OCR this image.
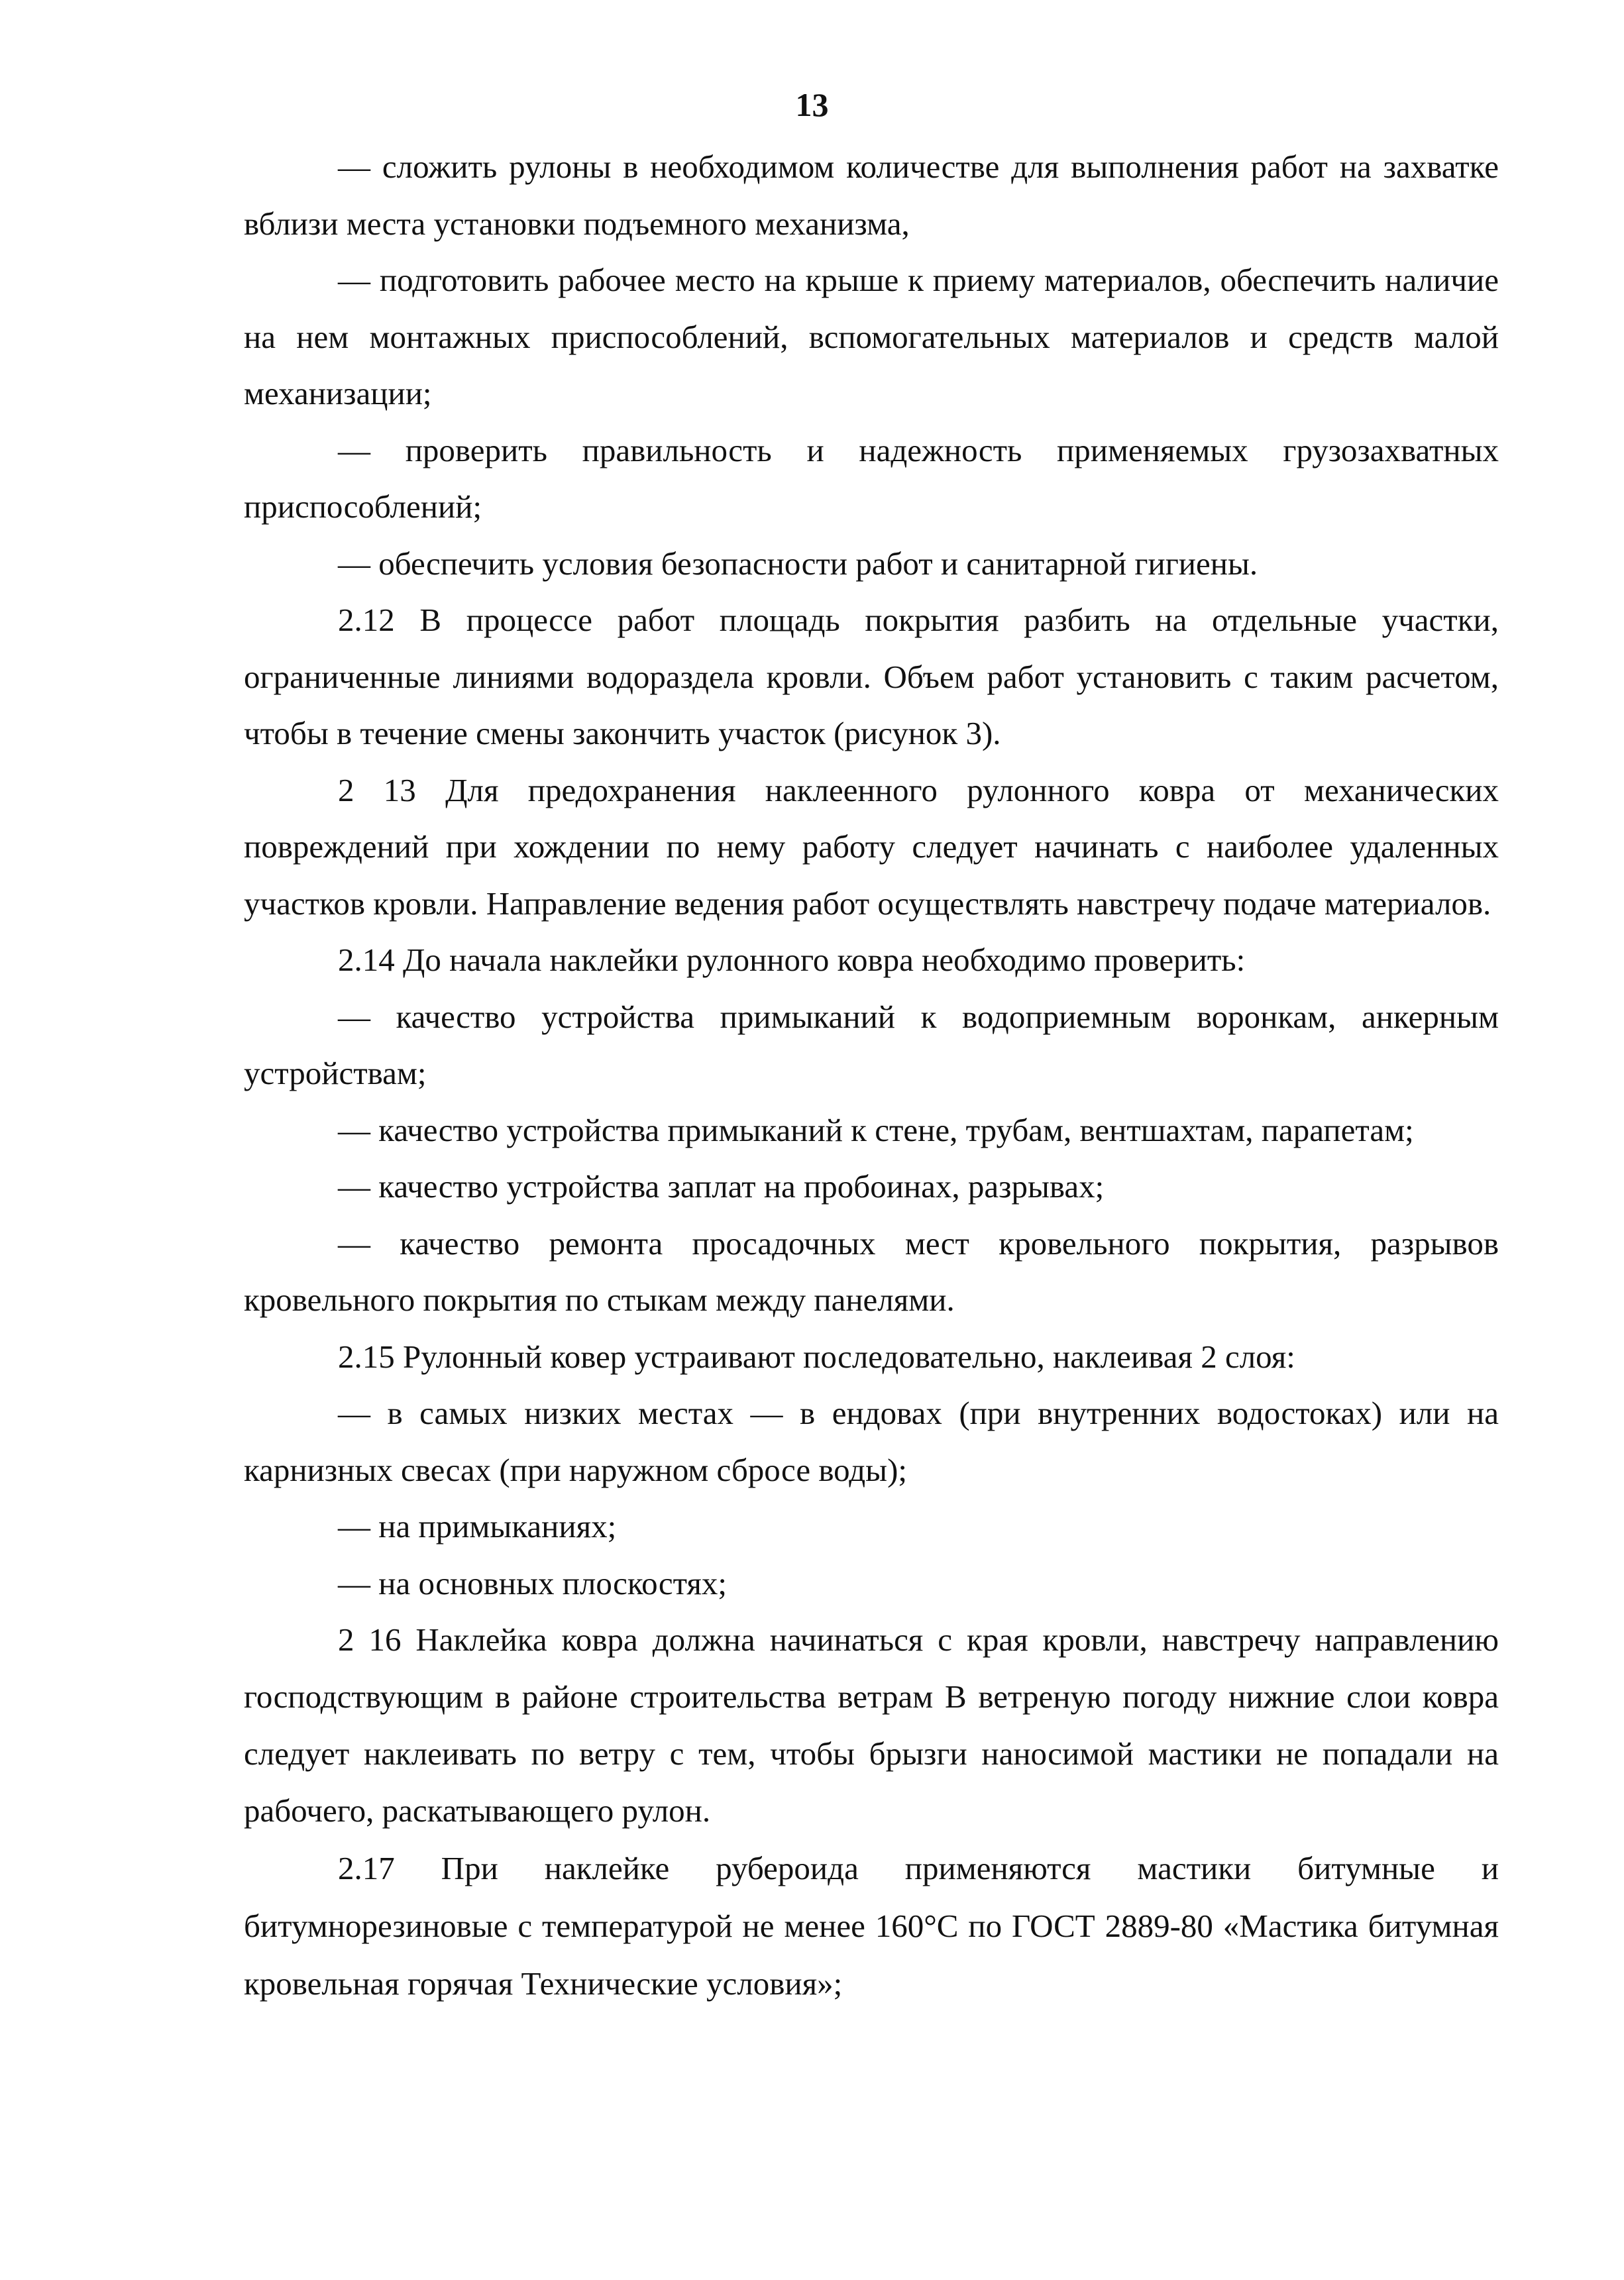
13

— сложить рулоны в необходимом количестве для выполнения работ на захватке вблизи места установки подъемного механизма,

— подготовить рабочее место на крыше к приему материалов, обеспечить наличие на нем монтажных приспособлений, вспомогательных материалов и средств малой механизации;

— проверить правильность и надежность применяемых грузозахватных приспособлений;

— обеспечить условия безопасности работ и санитарной гигиены.

2.12 В процессе работ площадь покрытия разбить на отдельные участки, ограниченные линиями водораздела кровли. Объем работ установить с таким расчетом, чтобы в течение смены закончить участок (рисунок 3).

2 13 Для предохранения наклеенного рулонного ковра от механических повреждений при хождении по нему работу следует начинать с наиболее удаленных участков кровли. Направление ведения работ осуществлять навстречу подаче материалов.

2.14 До начала наклейки рулонного ковра необходимо проверить:

— качество устройства примыканий к водоприемным воронкам, анкерным устройствам;

— качество устройства примыканий к стене, трубам, вентшахтам, парапетам;

— качество устройства заплат на пробоинах, разрывах;

— качество ремонта просадочных мест кровельного покрытия, разрывов кровельного покрытия по стыкам между панелями.

2.15 Рулонный ковер устраивают последовательно, наклеивая 2 слоя:

— в самых низких местах — в ендовах (при внутренних водостоках) или на карнизных свесах (при наружном сбросе воды);

— на примыканиях;

— на основных плоскостях;

2 16 Наклейка ковра должна начинаться с края кровли, навстречу направлению господствующим в районе строительства ветрам В ветреную погоду нижние слои ковра следует наклеивать по ветру с тем, чтобы брызги наносимой мастики не попадали на рабочего, раскатывающего рулон.

2.17 При наклейке рубероида применяются мастики битумные и битумнорезиновые с температурой не менее 160°С по ГОСТ 2889-80 «Мастика битумная кровельная горячая Технические условия»;
